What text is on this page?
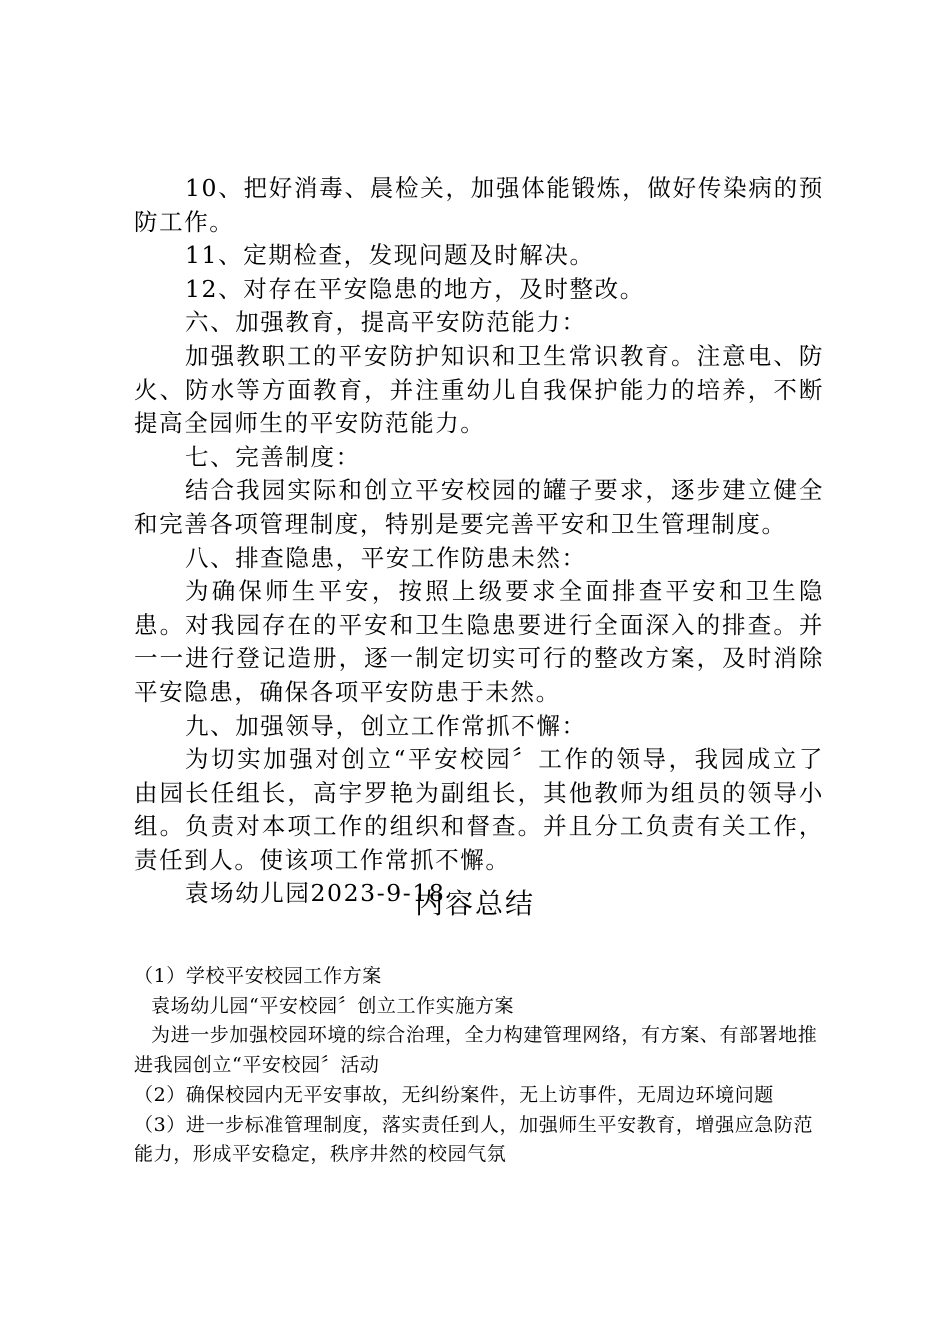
10、把好消毒、晨检关，加强体能锻炼，做好传染病的预防工作。

11、定期检查，发现问题及时解决。

12、对存在平安隐患的地方，及时整改。

六、加强教育，提高平安防范能力：

加强教职工的平安防护知识和卫生常识教育。注意电、防火、防水等方面教育，并注重幼儿自我保护能力的培养，不断提高全园师生的平安防范能力。

七、完善制度：

结合我园实际和创立平安校园的罐子要求，逐步建立健全和完善各项管理制度，特别是要完善平安和卫生管理制度。

八、排查隐患，平安工作防患未然：

为确保师生平安，按照上级要求全面排查平安和卫生隐患。对我园存在的平安和卫生隐患要进行全面深入的排查。并一一进行登记造册，逐一制定切实可行的整改方案，及时消除平安隐患，确保各项平安防患于未然。

九、加强领导，创立工作常抓不懈：

为切实加强对创立“平安校园〞工作的领导，我园成立了由园长任组长，高宇罗艳为副组长，其他教师为组员的领导小组。负责对本项工作的组织和督查。并且分工负责有关工作，责任到人。使该项工作常抓不懈。

袁场幼儿园2023-9-18

内容总结

（1）学校平安校园工作方案

袁场幼儿园“平安校园〞创立工作实施方案

为进一步加强校园环境的综合治理，全力构建管理网络，有方案、有部署地推进我园创立“平安校园〞活动

（2）确保校园内无平安事故，无纠纷案件，无上访事件，无周边环境问题

（3）进一步标准管理制度，落实责任到人，加强师生平安教育，增强应急防范能力，形成平安稳定，秩序井然的校园气氛
